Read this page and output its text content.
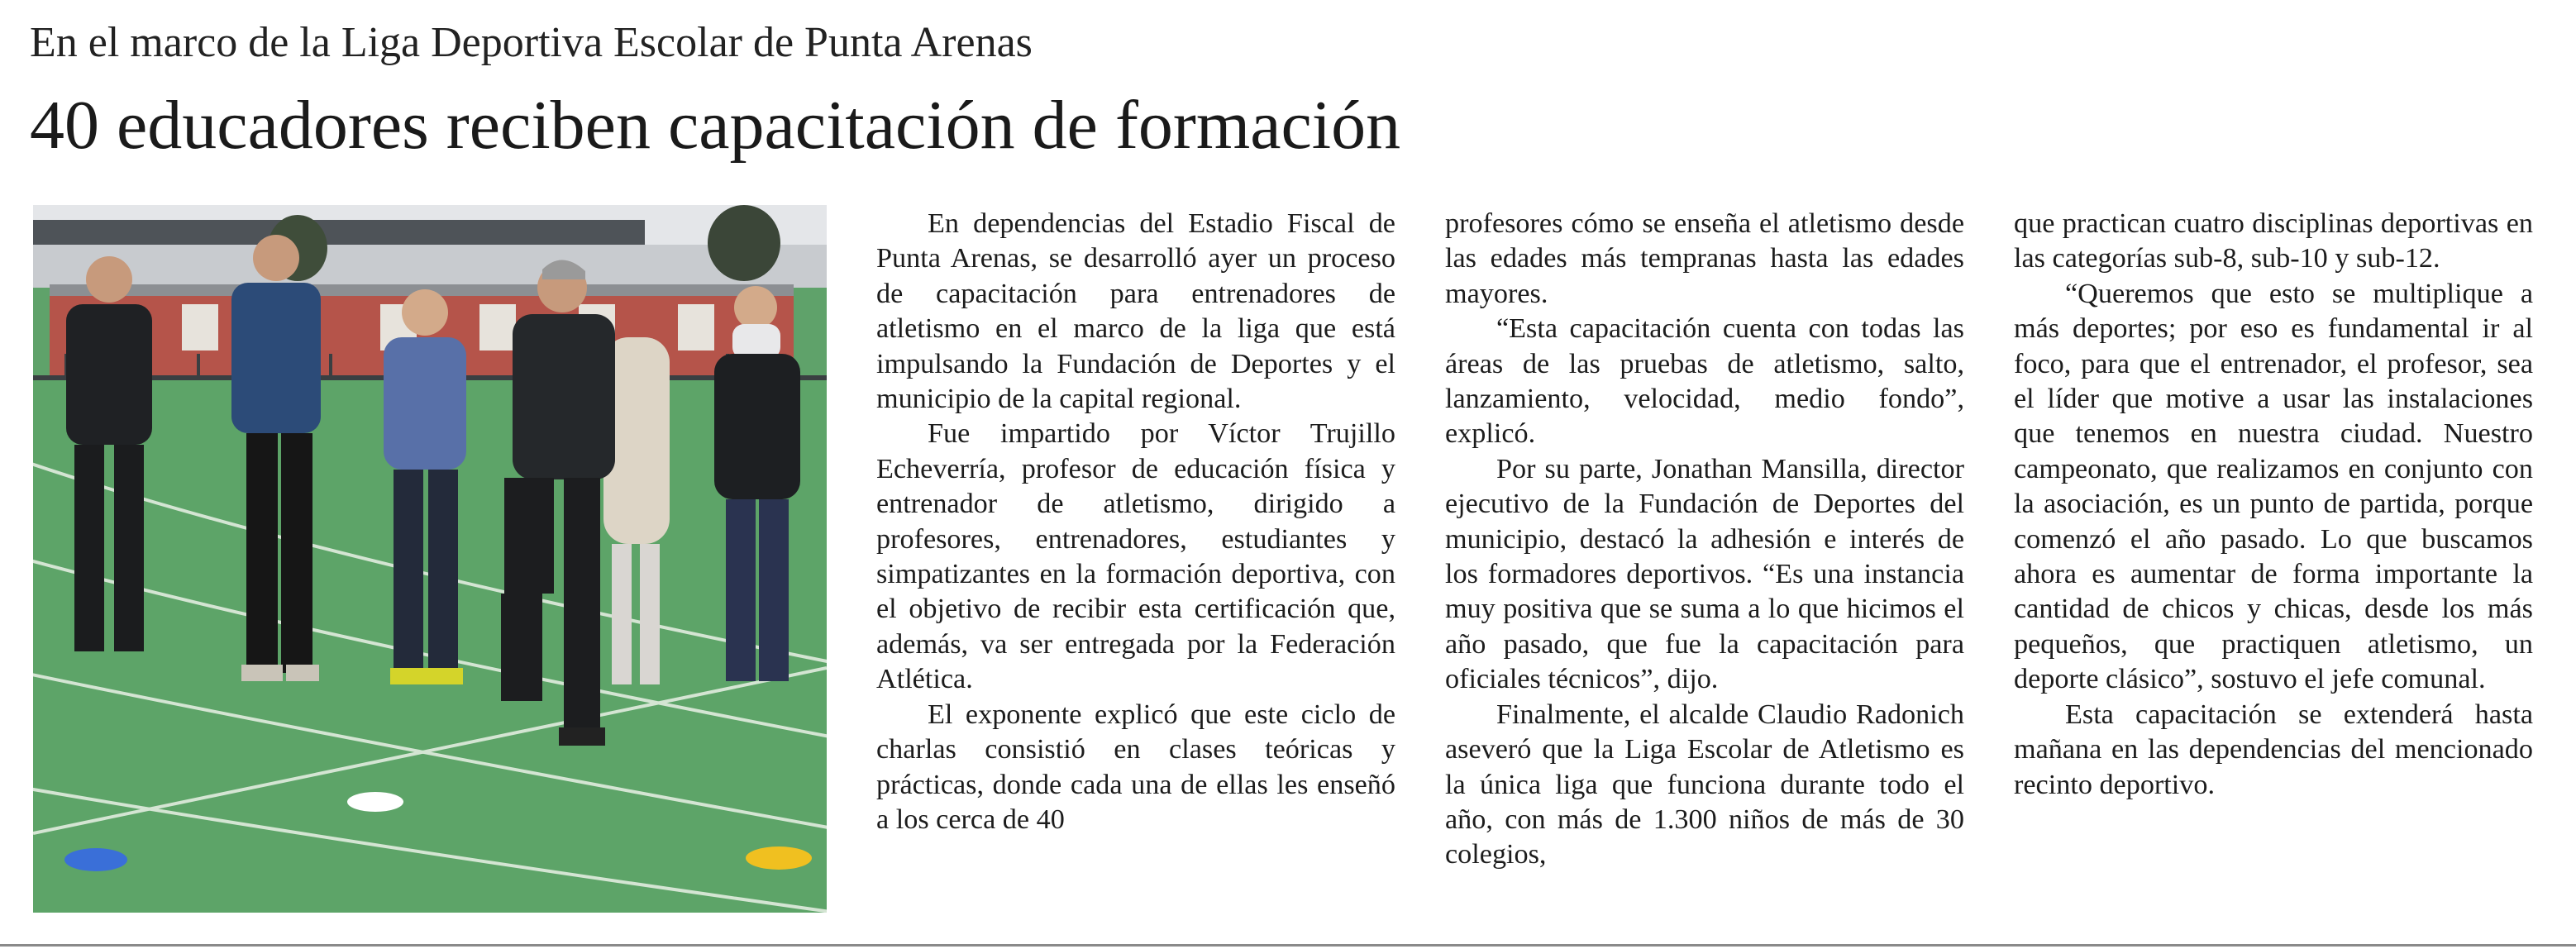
En el marco de la Liga Deportiva Escolar de Punta Arenas
40 educadores reciben capacitación de formación

En dependencias del Estadio Fiscal de Punta Arenas, se desarrolló ayer un proceso de capacitación para entrenadores de atletismo en el marco de la liga que está impulsando la Fundación de Deportes y el municipio de la capital regional.

Fue impartido por Víctor Trujillo Echeverría, profesor de educación física y entrenador de atletismo, dirigido a profesores, entrenadores, estudiantes y simpatizantes en la formación deportiva, con el objetivo de recibir esta certificación que, además, va ser entregada por la Federación Atlética.

El exponente explicó que este ciclo de charlas consistió en clases teóricas y prácticas, donde cada una de ellas les enseñó a los cerca de 40

profesores cómo se enseña el atletismo desde las edades más tempranas hasta las edades mayores.

“Esta capacitación cuenta con todas las áreas de las pruebas de atletismo, salto, lanzamiento, velocidad, medio fondo”, explicó.

Por su parte, Jonathan Mansilla, director ejecutivo de la Fundación de Deportes del municipio, destacó la adhesión e interés de los formadores deportivos. “Es una instancia muy positiva que se suma a lo que hicimos el año pasado, que fue la capacitación para oficiales técnicos”, dijo.

Finalmente, el alcalde Claudio Radonich aseveró que la Liga Escolar de Atletismo es la única liga que funciona durante todo el año, con más de 1.300 niños de más de 30 colegios,

que practican cuatro disciplinas deportivas en las categorías sub-8, sub-10 y sub-12.

“Queremos que esto se multiplique a más deportes; por eso es fundamental ir al foco, para que el entrenador, el profesor, sea el líder que motive a usar las instalaciones que tenemos en nuestra ciudad. Nuestro campeonato, que realizamos en conjunto con la asociación, es un punto de partida, porque comenzó el año pasado. Lo que buscamos ahora es aumentar de forma importante la cantidad de chicos y chicas, desde los más pequeños, que practiquen atletismo, un deporte clásico”, sostuvo el jefe comunal.

Esta capacitación se extenderá hasta mañana en las dependencias del mencionado recinto deportivo.
